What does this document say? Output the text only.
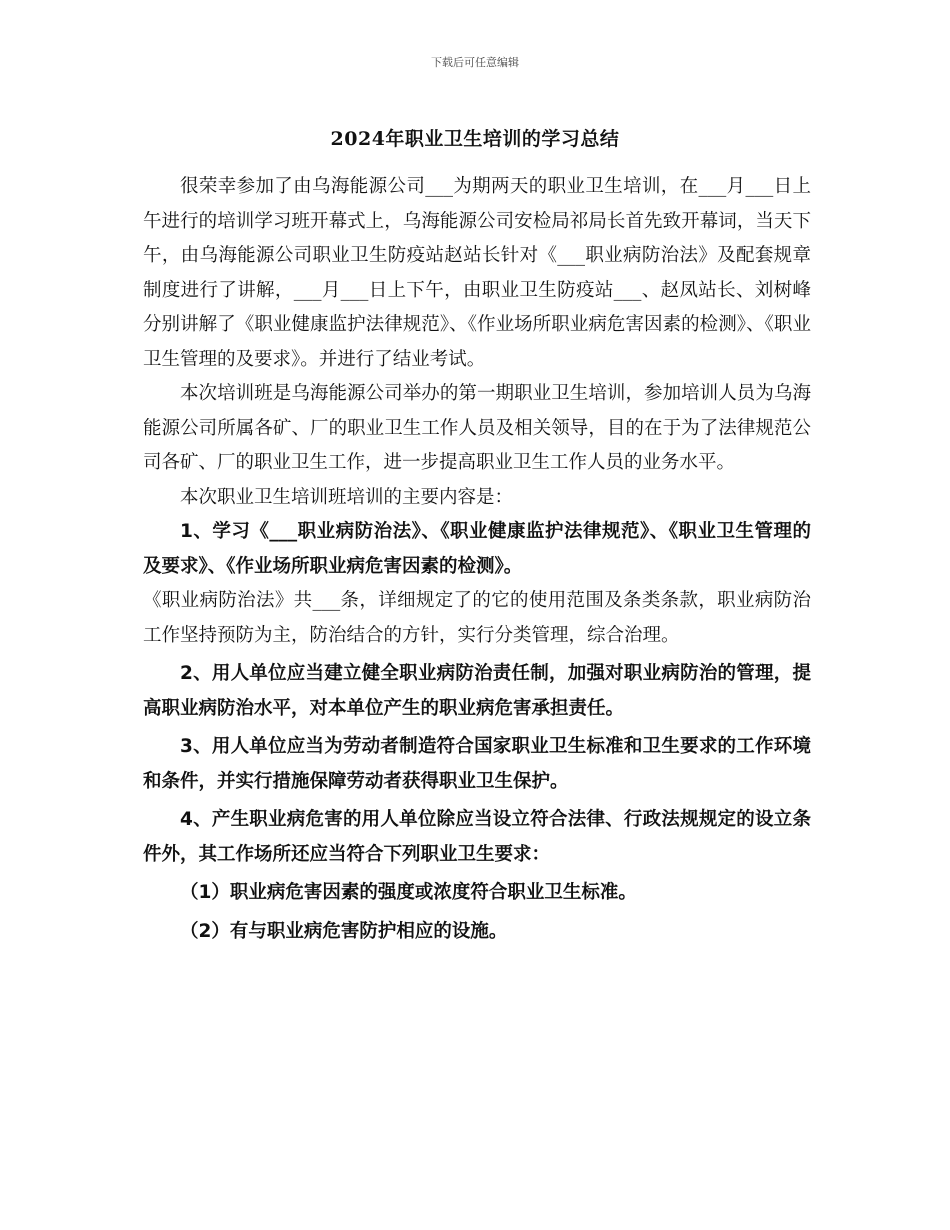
下载后可任意编辑
2024年职业卫生培训的学习总结

很荣幸参加了由乌海能源公司___为期两天的职业卫生培训，在___月___日上午进行的培训学习班开幕式上，乌海能源公司安检局祁局长首先致开幕词，当天下午，由乌海能源公司职业卫生防疫站赵站长针对《___职业病防治法》及配套规章制度进行了讲解，___月___日上下午，由职业卫生防疫站___、赵凤站长、刘树峰分别讲解了《职业健康监护法律规范》、《作业场所职业病危害因素的检测》、《职业卫生管理的及要求》。并进行了结业考试。

本次培训班是乌海能源公司举办的第一期职业卫生培训，参加培训人员为乌海能源公司所属各矿、厂的职业卫生工作人员及相关领导，目的在于为了法律规范公司各矿、厂的职业卫生工作，进一步提高职业卫生工作人员的业务水平。

本次职业卫生培训班培训的主要内容是：

1、学习《___职业病防治法》、《职业健康监护法律规范》、《职业卫生管理的及要求》、《作业场所职业病危害因素的检测》。

《职业病防治法》共___条，详细规定了的它的使用范围及条类条款，职业病防治工作坚持预防为主，防治结合的方针，实行分类管理，综合治理。

2、用人单位应当建立健全职业病防治责任制，加强对职业病防治的管理，提高职业病防治水平，对本单位产生的职业病危害承担责任。

3、用人单位应当为劳动者制造符合国家职业卫生标准和卫生要求的工作环境和条件，并实行措施保障劳动者获得职业卫生保护。

4、产生职业病危害的用人单位除应当设立符合法律、行政法规规定的设立条件外，其工作场所还应当符合下列职业卫生要求：

（1）职业病危害因素的强度或浓度符合职业卫生标准。

（2）有与职业病危害防护相应的设施。
